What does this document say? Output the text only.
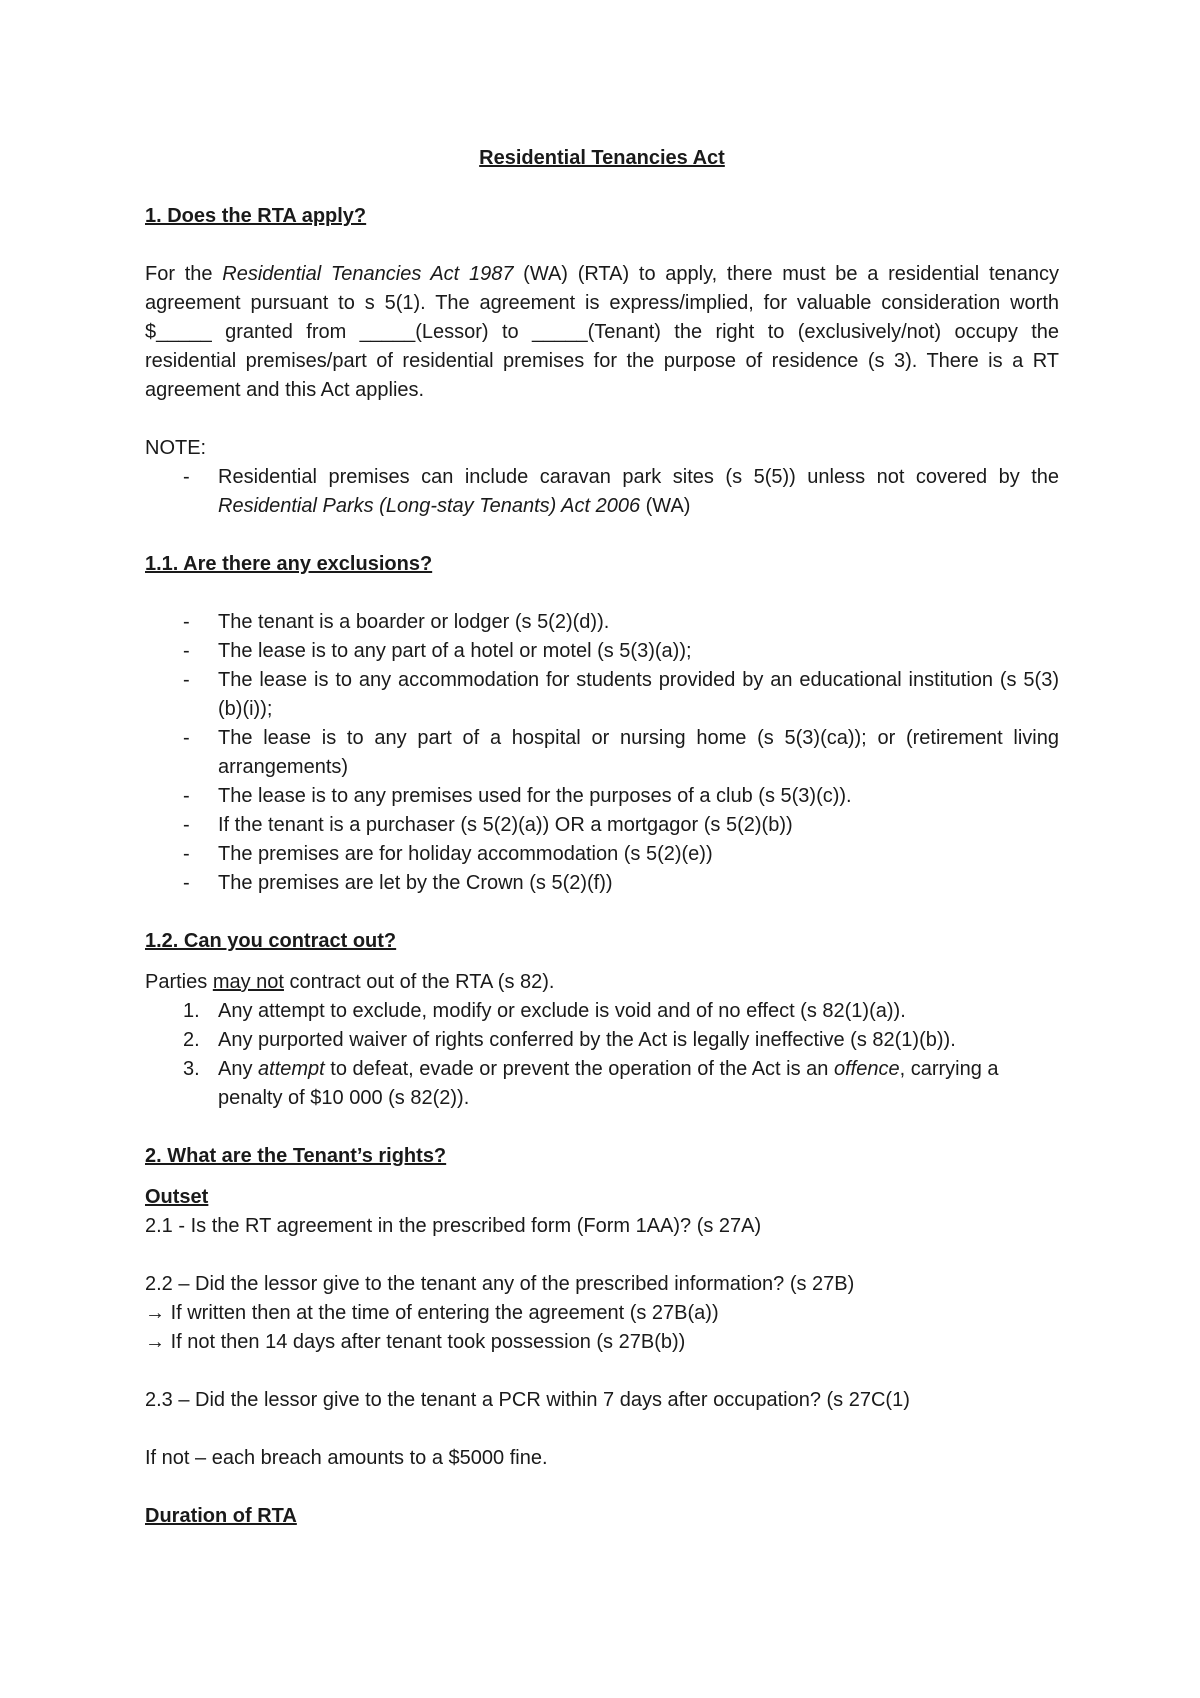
Residential Tenancies Act

1. Does the RTA apply?

For the Residential Tenancies Act 1987 (WA) (RTA) to apply, there must be a residential tenancy agreement pursuant to s 5(1). The agreement is express/implied, for valuable consideration worth $_____ granted from _____(Lessor) to _____(Tenant) the right to (exclusively/not) occupy the residential premises/part of residential premises for the purpose of residence (s 3). There is a RT agreement and this Act applies.

NOTE:

-	Residential premises can include caravan park sites (s 5(5)) unless not covered by the Residential Parks (Long-stay Tenants) Act 2006 (WA)

1.1. Are there any exclusions?

-	The tenant is a boarder or lodger (s 5(2)(d)).
-	The lease is to any part of a hotel or motel (s 5(3)(a));
-	The lease is to any accommodation for students provided by an educational institution (s 5(3)(b)(i));
-	The lease is to any part of a hospital or nursing home (s 5(3)(ca)); or (retirement living arrangements)
-	The lease is to any premises used for the purposes of a club (s 5(3)(c)).
-	If the tenant is a purchaser (s 5(2)(a)) OR a mortgagor (s 5(2)(b))
-	The premises are for holiday accommodation (s 5(2)(e))
-	The premises are let by the Crown (s 5(2)(f))

1.2. Can you contract out?

Parties may not contract out of the RTA (s 82).

1. Any attempt to exclude, modify or exclude is void and of no effect (s 82(1)(a)).
2. Any purported waiver of rights conferred by the Act is legally ineffective (s 82(1)(b)).
3. Any attempt to defeat, evade or prevent the operation of the Act is an offence, carrying a penalty of $10 000 (s 82(2)).

2. What are the Tenant’s rights?

Outset

2.1 - Is the RT agreement in the prescribed form (Form 1AA)? (s 27A)

2.2 – Did the lessor give to the tenant any of the prescribed information? (s 27B)

→ If written then at the time of entering the agreement (s 27B(a))

→ If not then 14 days after tenant took possession (s 27B(b))

2.3 – Did the lessor give to the tenant a PCR within 7 days after occupation? (s 27C(1)

If not – each breach amounts to a $5000 fine.

Duration of RTA
